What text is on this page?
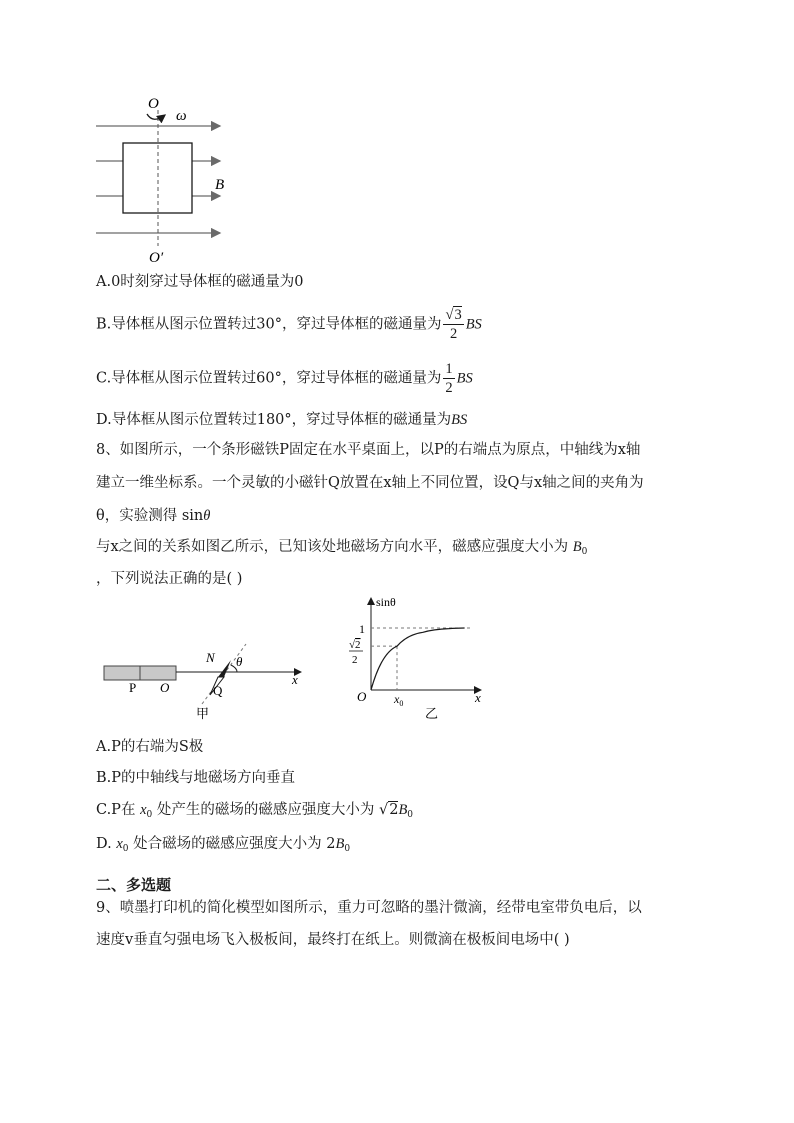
O
ω
B
O′
A.0时刻穿过导体框的磁通量为0
B.导体框从图示位置转过30°，穿过导体框的磁通量为 $\frac{√3}{2}$ BS
C.导体框从图示位置转过60°，穿过导体框的磁通量为 $\frac{1}{2}$ BS
D.导体框从图示位置转过180°，穿过导体框的磁通量为BS
8、如图所示，一个条形磁铁P固定在水平桌面上，以P的右端点为原点，中轴线为x轴
建立一维坐标系。一个灵敏的小磁针Q放置在x轴上不同位置，设Q与x轴之间的夹角为
θ，实验测得 sinθ
与x之间的关系如图乙所示，已知该处地磁场方向水平，磁感应强度大小为 $B_0$
，下列说法正确的是( )
P O
N θ
Q
x
甲
sinθ
1
√2
2
O $x_0$	x
乙
A.P的右端为S极
B.P的中轴线与地磁场方向垂直
C.P在 $x_0$ 处产生的磁场的磁感应强度大小为 $√2B_0$
D. $x_0$ 处合磁场的磁感应强度大小为 $2B_0$
二、多选题
9、喷墨打印机的简化模型如图所示，重力可忽略的墨汁微滴，经带电室带负电后，以
速度v垂直匀强电场飞入极板间，最终打在纸上。则微滴在极板间电场中( )
